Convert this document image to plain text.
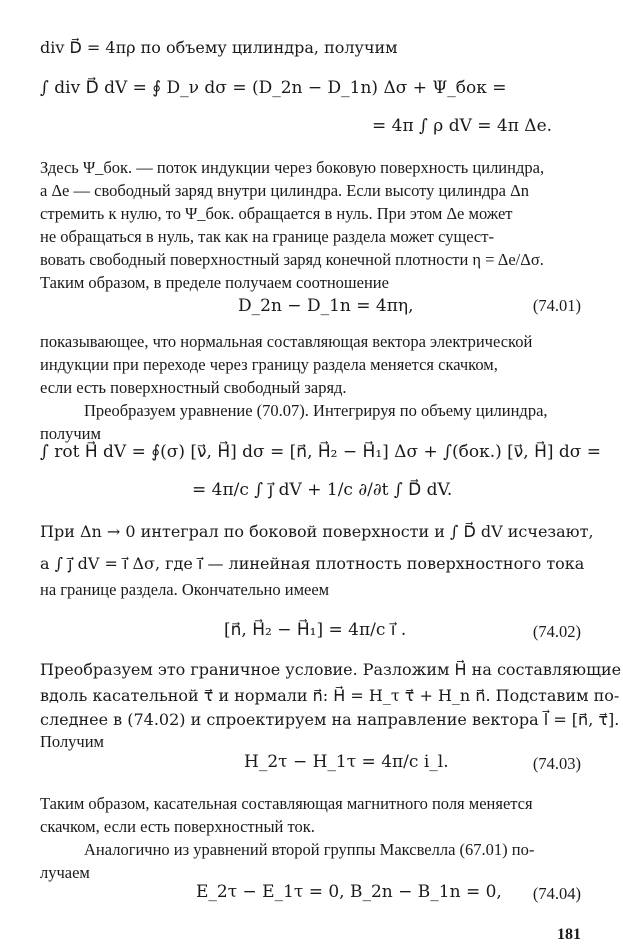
div D⃗ = 4πρ по объему цилиндра, получим
∫ div D⃗ dV = ∮ D_ν dσ = (D_2n − D_1n) Δσ + Ψ_бок =
= 4π ∫ ρ dV = 4π Δe.
Здесь Ψ_бок. — поток индукции через боковую поверхность цилиндра,
а Δe — свободный заряд внутри цилиндра. Если высоту цилиндра Δn
стремить к нулю, то Ψ_бок. обращается в нуль. При этом Δe может
не обращаться в нуль, так как на границе раздела может сущест-
вовать свободный поверхностный заряд конечной плотности η = Δe/Δσ.
Таким образом, в пределе получаем соотношение
D_2n − D_1n = 4πη,	(74.01)
показывающее, что нормальная составляющая вектора электрической
индукции при переходе через границу раздела меняется скачком,
если есть поверхностный свободный заряд.
Преобразуем уравнение (70.07). Интегрируя по объему цилиндра,
получим
∫ rot H⃗ dV = ∮(σ) [ν⃗, H⃗] dσ = [n⃗, H⃗₂ − H⃗₁] Δσ + ∫(бок.) [ν⃗, H⃗] dσ =
= 4π/c ∫ j⃗ dV + 1/c ∂/∂t ∫ D⃗ dV.
При Δn → 0 интеграл по боковой поверхности и ∫ D⃗ dV исчезают,
а ∫ j⃗ dV = i⃗ Δσ, где i⃗ — линейная плотность поверхностного тока
на границе раздела. Окончательно имеем
[n⃗, H⃗₂ − H⃗₁] = 4π/c i⃗ .	(74.02)
Преобразуем это граничное условие. Разложим H⃗ на составляющие
вдоль касательной τ⃗ и нормали n⃗: H⃗ = H_τ τ⃗ + H_n n⃗. Подставим по-
следнее в (74.02) и спроектируем на направление вектора l⃗ = [n⃗, τ⃗].
Получим
H_2τ − H_1τ = 4π/c i_l.	(74.03)
Таким образом, касательная составляющая магнитного поля меняется
скачком, если есть поверхностный ток.
Аналогично из уравнений второй группы Максвелла (67.01) по-
лучаем
E_2τ − E_1τ = 0, B_2n − B_1n = 0, (74.04)
181
